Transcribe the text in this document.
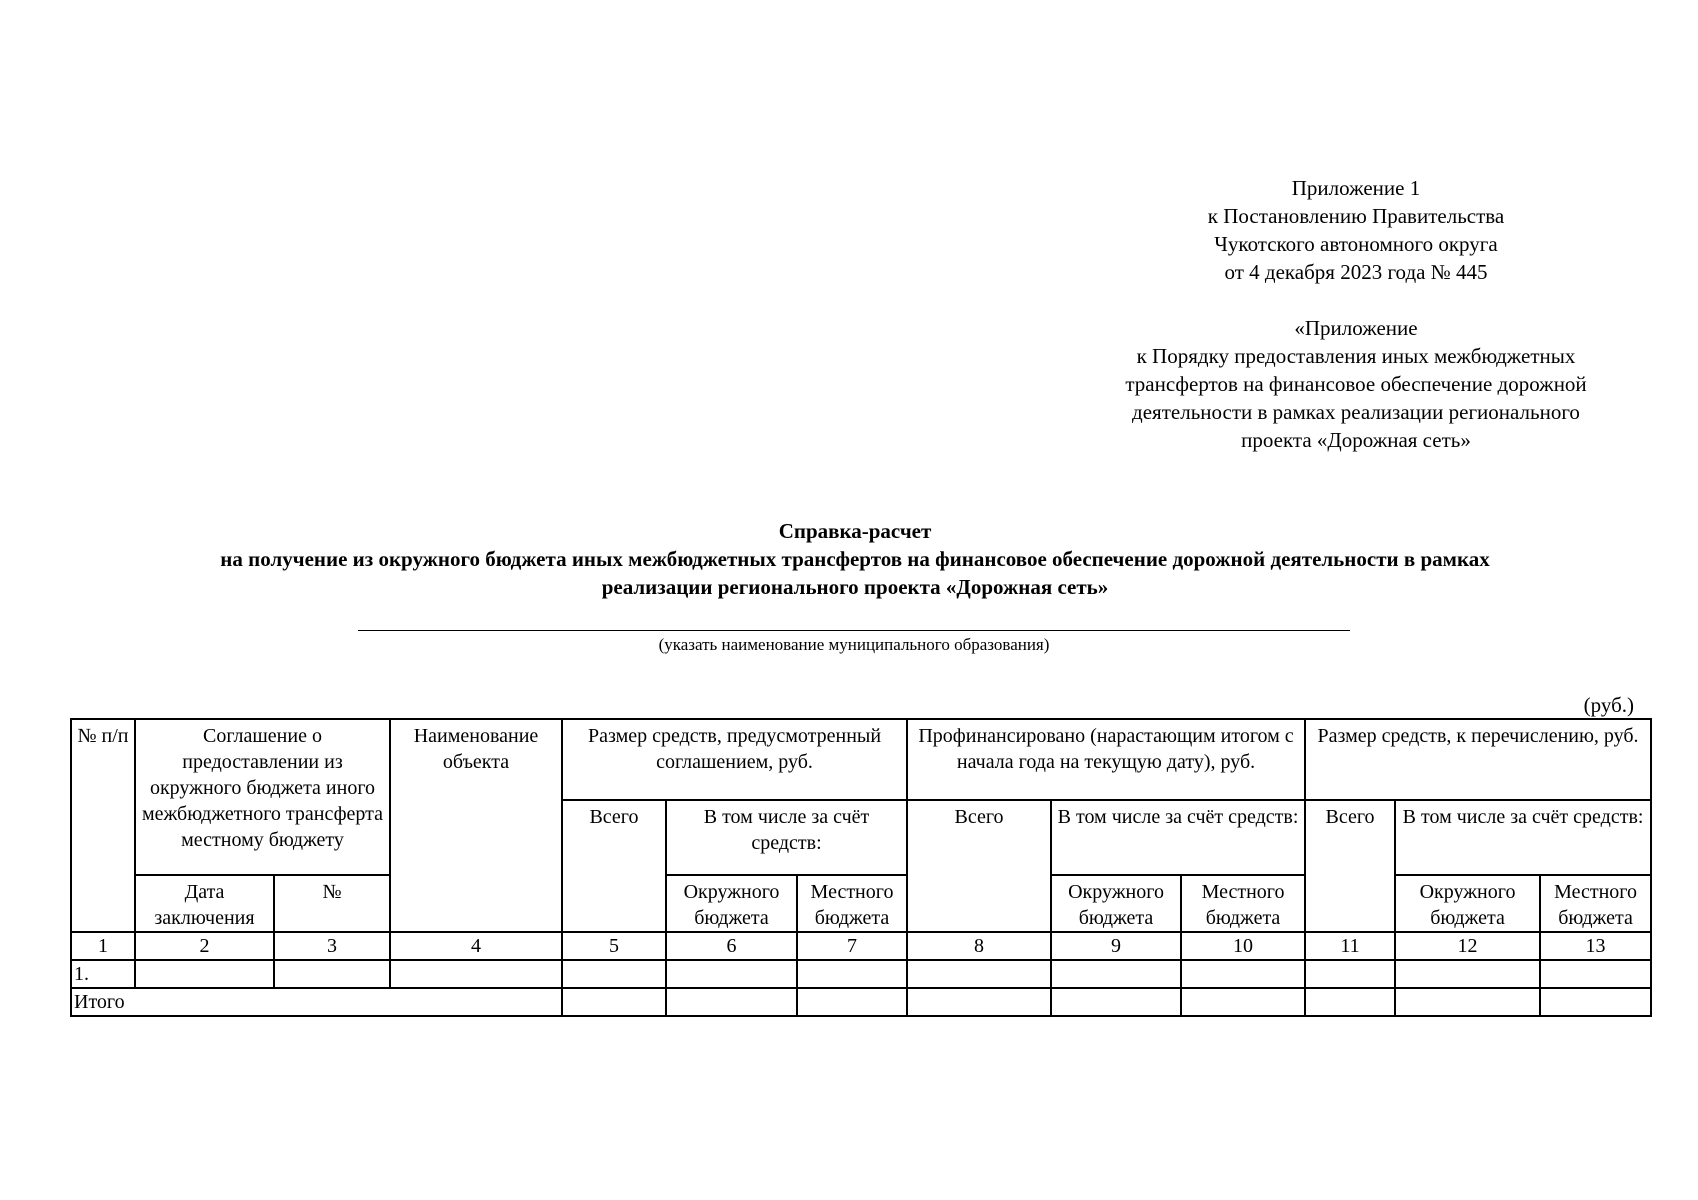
Приложение 1

к Постановлению Правительства

Чукотского автономного округа

от 4 декабря 2023 года № 445

«Приложение

к Порядку предоставления иных межбюджетных

трансфертов на финансовое обеспечение дорожной

деятельности в рамках реализации регионального

проекта «Дорожная сеть»

Справка-расчет

на получение из окружного бюджета иных межбюджетных трансфертов на финансовое обеспечение дорожной деятельности в рамках

реализации регионального проекта «Дорожная сеть»

(указать наименование муниципального образования)
(руб.)
№ п/п	Соглашение о предоставлении из окружного бюджета иного межбюджетного трансферта местному бюджету		Наименование объекта	Размер средств, предусмотренный соглашением, руб.			Профинансировано (нарастающим итогом с начала года на текущую дату), руб.			Размер средств, к перечислению, руб.		
				Всего	В том числе за счёт средств:		Всего	В том числе за счёт средств:		Всего	В том числе за счёт средств:	
	Дата заключения	№			Окружного бюджета	Местного бюджета		Окружного бюджета	Местного бюджета		Окружного бюджета	Местного бюджета
1	2	3	4	5	6	7	8	9	10	11	12	13
1.												
Итого												
